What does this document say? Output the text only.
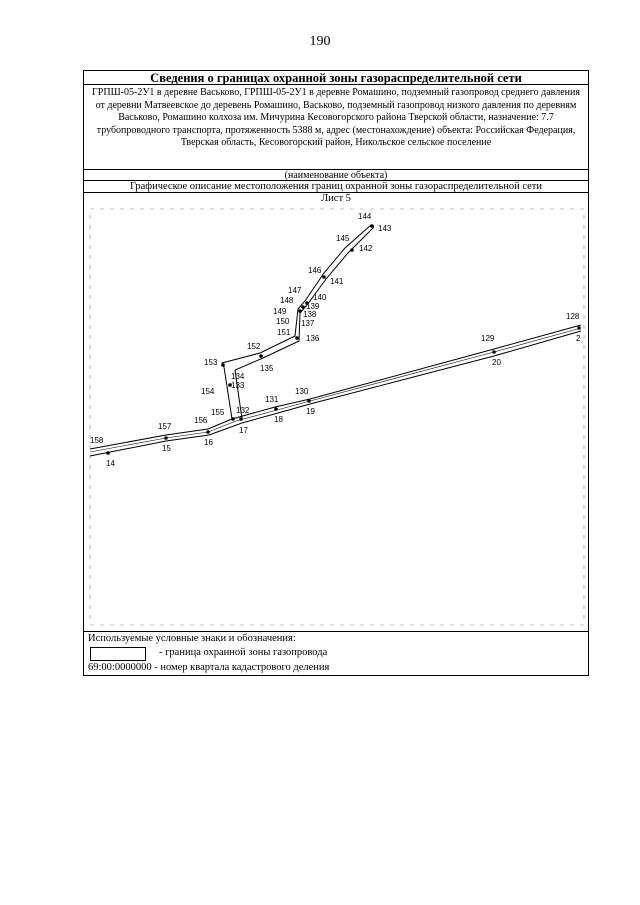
190
Сведения о границах охранной зоны газораспределительной сети
ГРПШ-05-2У1 в деревне Васьково, ГРПШ-05-2У1 в деревне Ромашино, подземный газопровод среднего давления от деревни Матвеевское до деревень Ромашино, Васьково, подземный газопровод низкого давления по деревням Васьково, Ромашино колхоза им. Мичурина Кесовогорского района Тверской области, назначение: 7.7 трубопроводного транспорта, протяженность 5388 м, адрес (местонахождение) объекта: Российская Федерация, Тверская область, Кесовогорский район, Никольское сельское поселение
(наименование объекта)
Графическое описание местоположения границ охранной зоны газораспределительной сети
Лист 5
158
157
156
132
131
130
129
128
14
15
16
17
18
19
20
2
155
154
153
152
151
150
149
148
147
146
145
144
143
142
141
140
139
138
137
136
135
134
133
Используемые условные знаки и обозначения:
- граница охранной зоны газопровода
69:00:0000000 - номер квартала кадастрового деления
